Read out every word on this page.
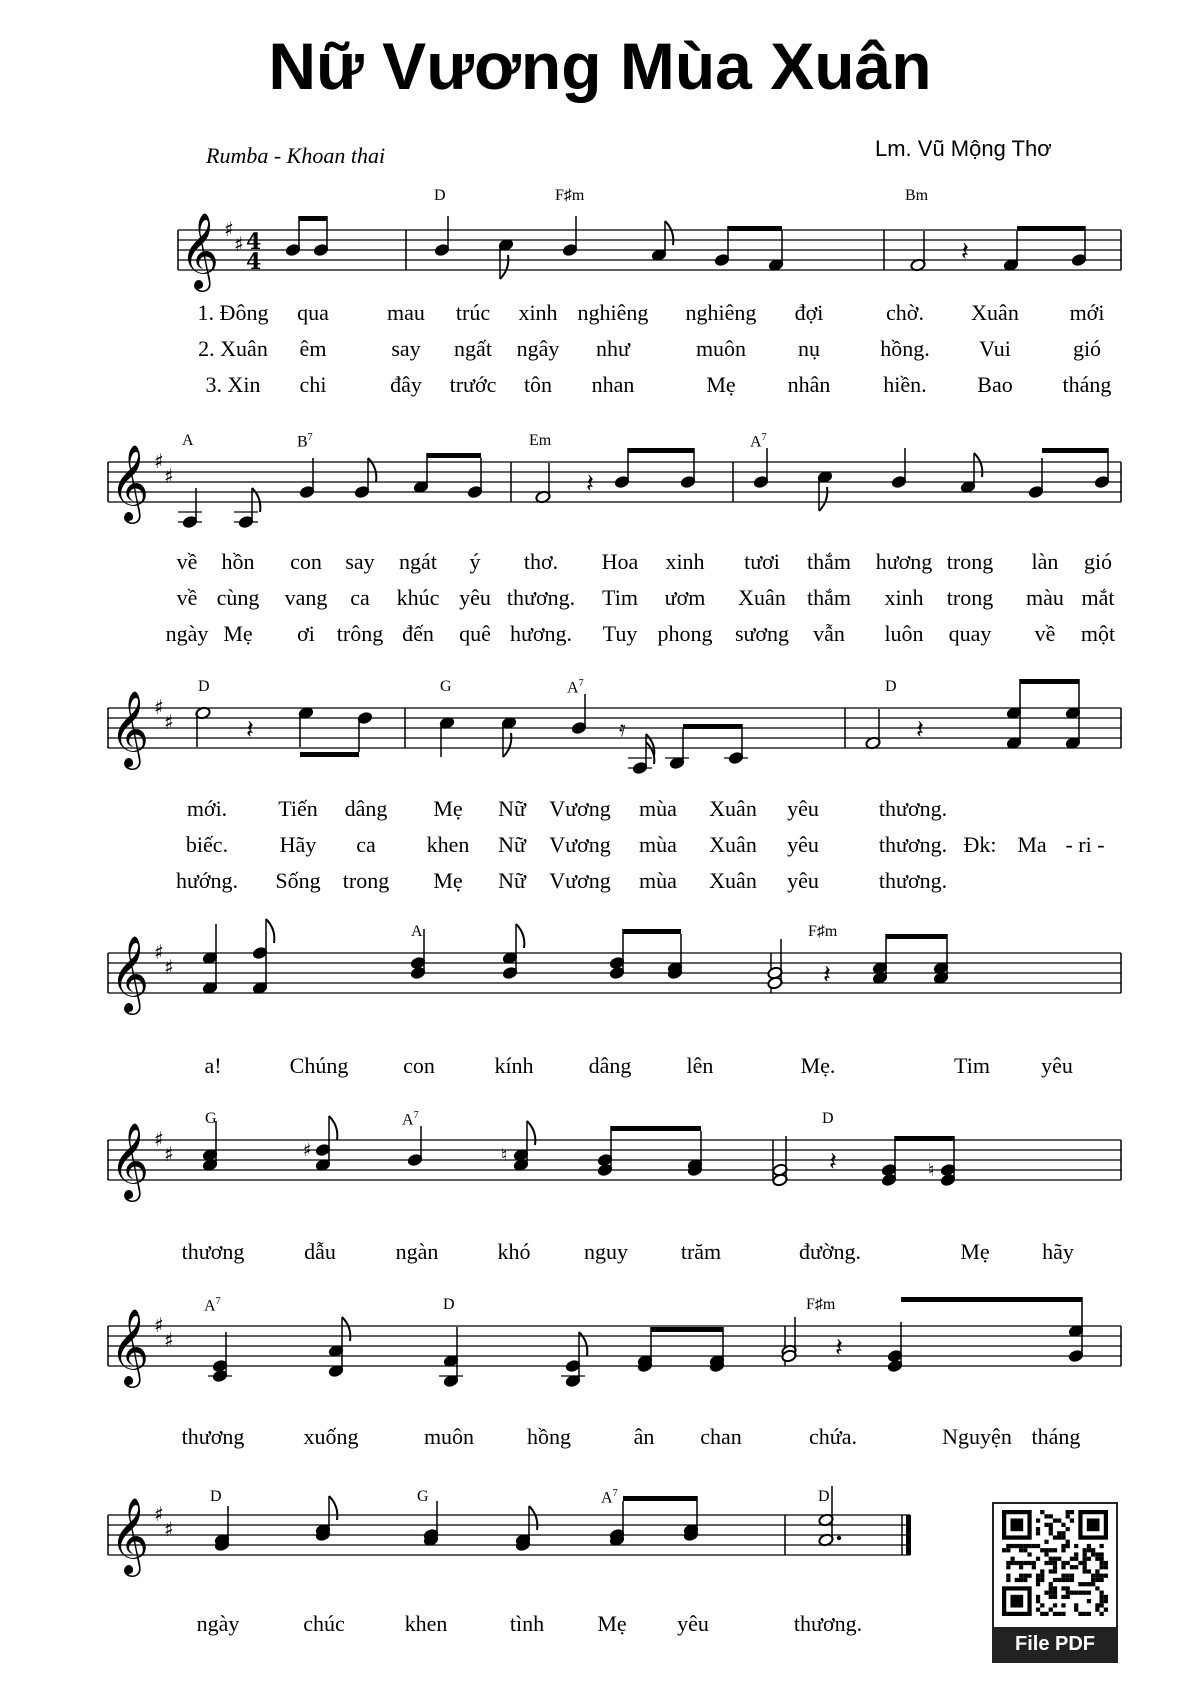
Nữ Vương Mùa Xuân
Rumba - Khoan thai	Lm. Vũ Mộng Thơ
𝄞 ♯
♯ 4
4	𝄽
𝄞 ♯
♯	𝄽
𝄞 ♯
♯	𝄽	𝄿	𝄽
𝄞 ♯
♯	𝄽
𝄞 ♯
♯	♯	♮	𝄽	♮
𝄞 ♯
♯	𝄽
𝄞 ♯
♯
D	F♯m	Bm
1. Đông qua	mau trúc xinh nghiêng nghiêng đợi	chờ. Xuân mới
2. Xuân êm	say ngất ngây như	muôn nụ	hồng. Vui	gió
3. Xin chi	đây trước tôn nhan	Mẹ nhân hiền. Bao tháng
A	$B^7$	Em	$A^7$
về hồn con say ngát ý thơ. Hoa xinh tươi thắm hương trong làn gió
về cùng vang ca khúc yêu thương. Tim ươm Xuân thắm xinh trong màu mắt
ngày Mẹ ơi trông đến quê hương. Tuy phong sương vẫn luôn quay về một
D	G	$A^7$	D
mới. Tiến dâng Mẹ Nữ Vương mùa Xuân yêu	thương.
biếc. Hãy ca khen Nữ Vương mùa Xuân yêu	thương. Đk: Ma - ri -
hướng. Sống trong Mẹ Nữ Vương mùa Xuân yêu	thương.
A	F♯m
a!	Chúng con	kính	dâng	lên	Mẹ.	Tim yêu
G	$A^7$	D
thương	dẫu	ngàn	khó nguy trăm	đường.	Mẹ hãy
$A^7$	D	F♯m
thương	xuống	muôn hồng	ân chan	chứa.	Nguyện tháng
D	G	$A^7$	D
ngày	chúc	khen	tình Mẹ yêu	thương.
File PDF
